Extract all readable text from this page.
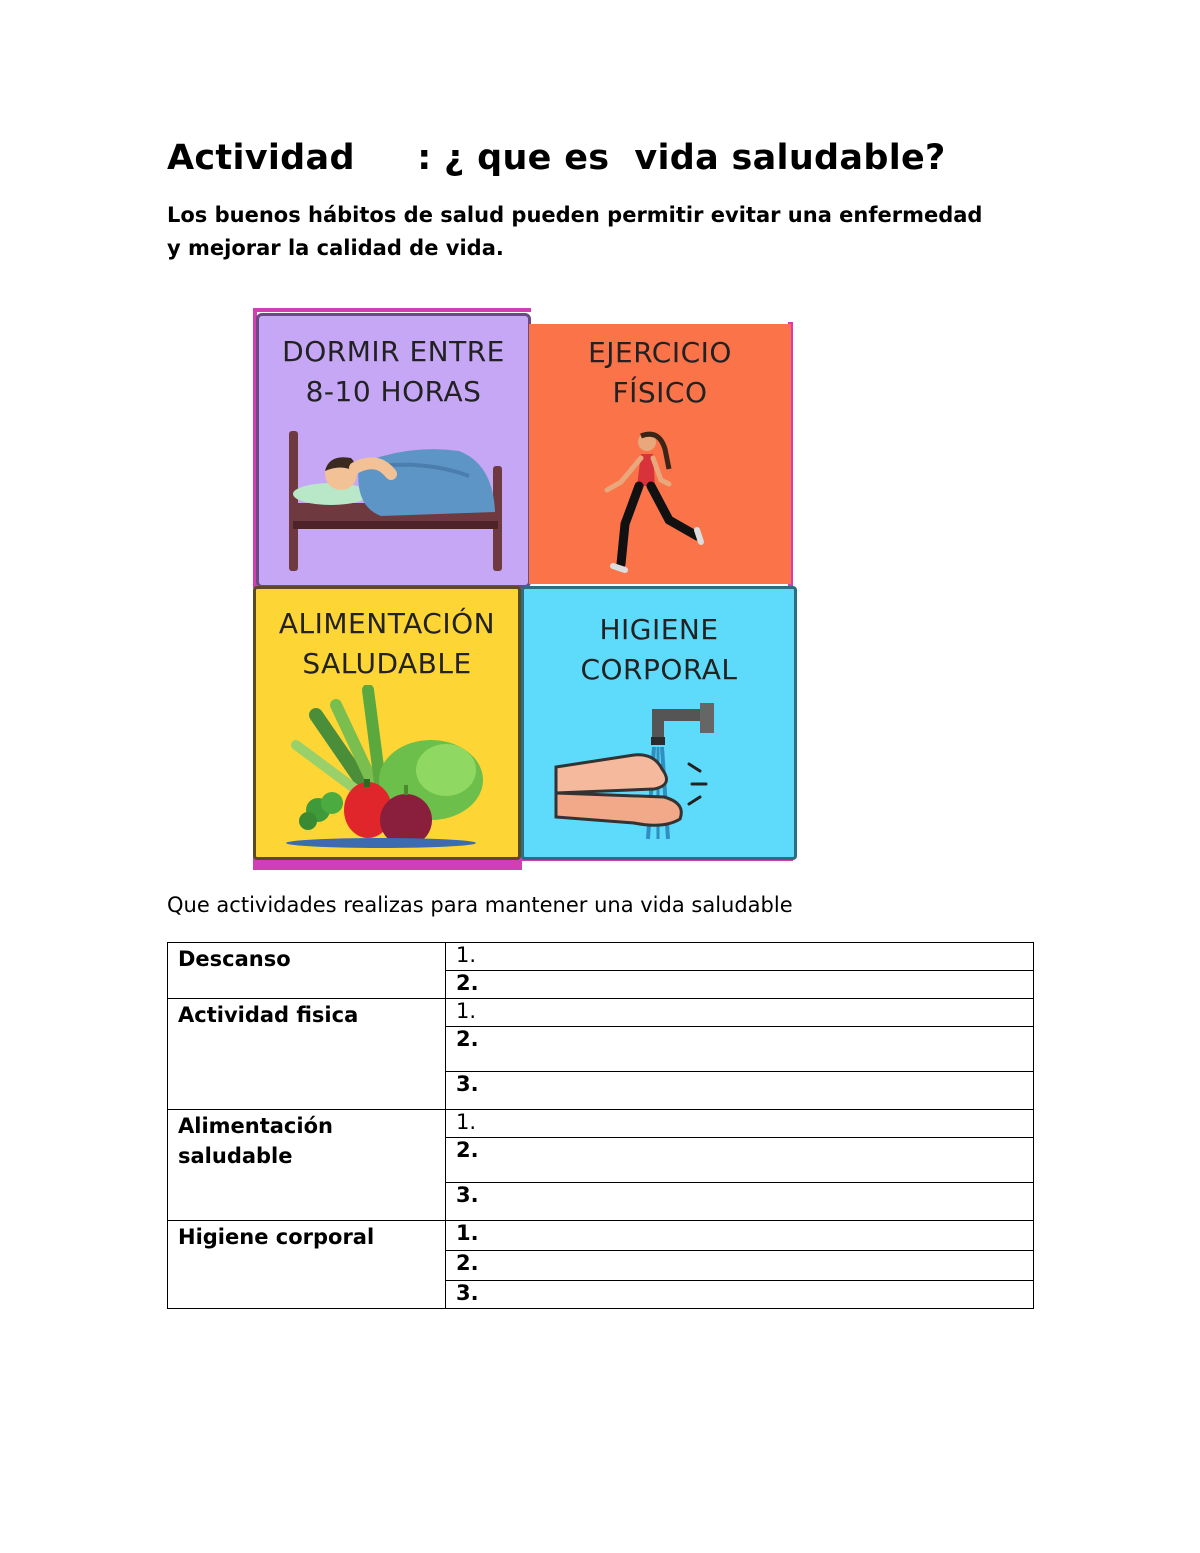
Actividad     : ¿ que es  vida saludable?
Los buenos hábitos de salud pueden permitir evitar una enfermedad y mejorar la calidad de vida.
DORMIR ENTRE
8-10 HORAS
EJERCICIO
FÍSICO
ALIMENTACIÓN
SALUDABLE
HIGIENE
CORPORAL
Que actividades realizas para mantener una vida saludable
Descanso	1.
	2.
Actividad fisica	1.
	2.
	3.
Alimentación saludable	1.
	2.
	3.
Higiene corporal	1.
	2.
	3.
